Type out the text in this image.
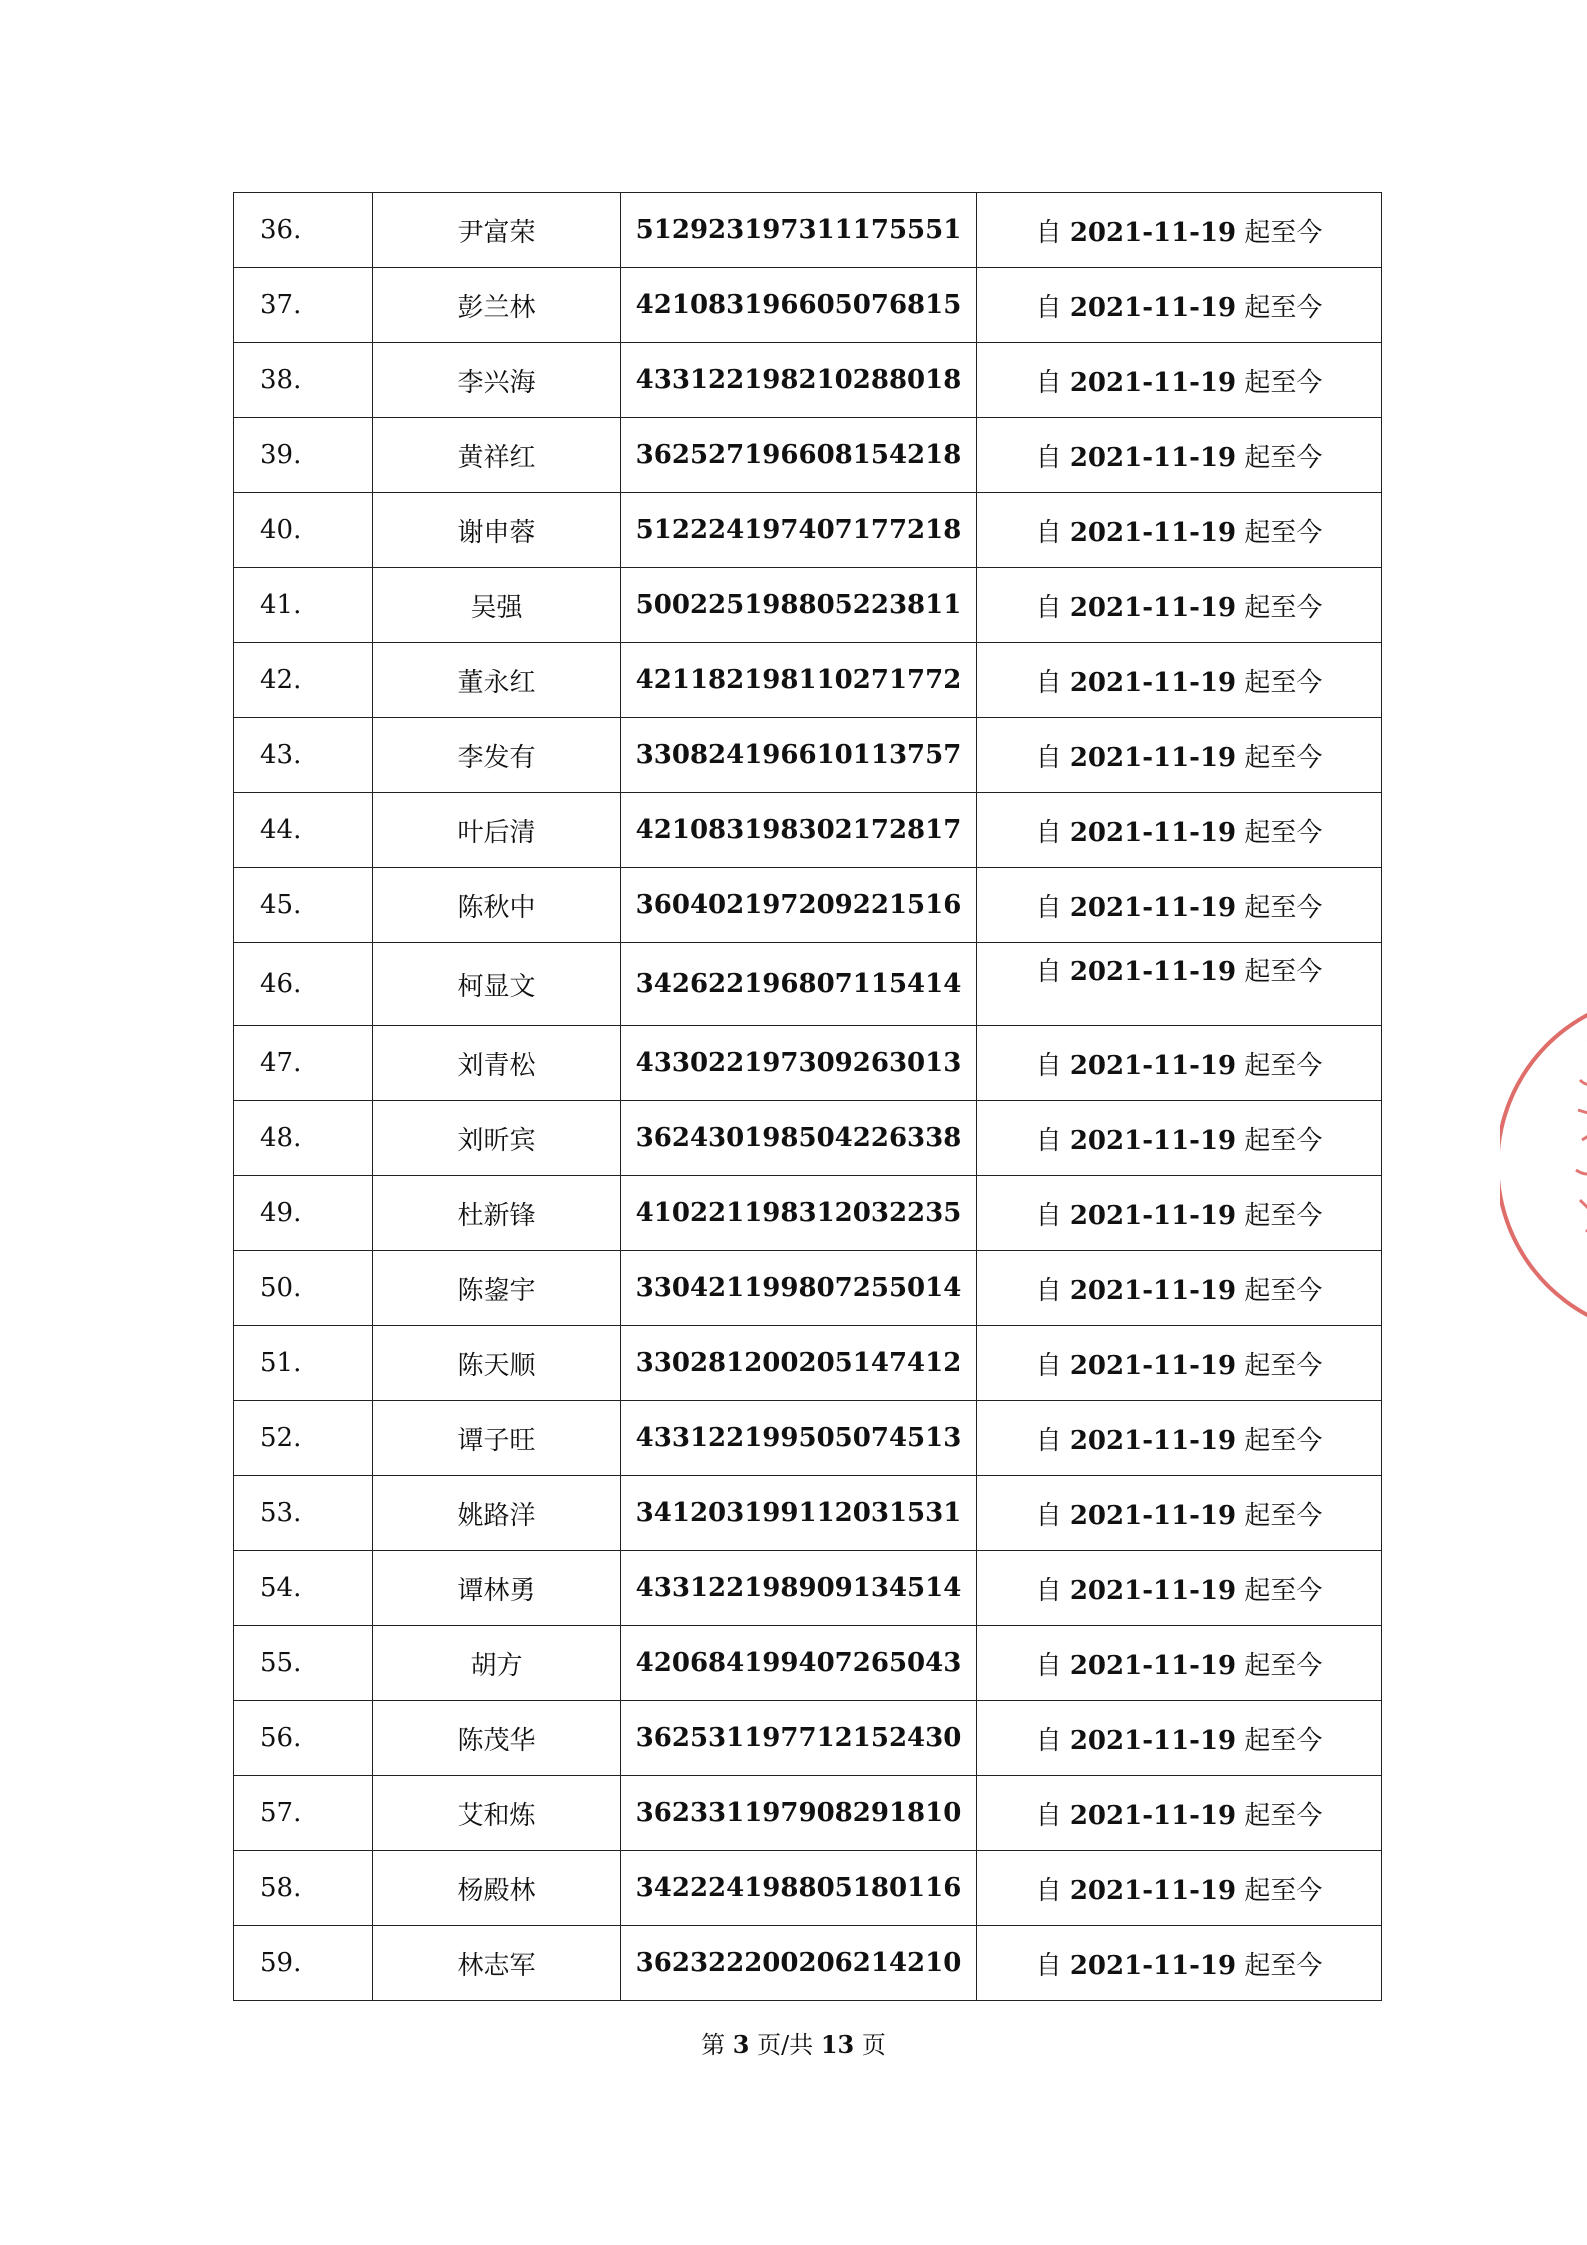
36.	尹富荣	512923197311175551	自 2021-11-19 起至今
37.	彭兰林	421083196605076815	自 2021-11-19 起至今
38.	李兴海	433122198210288018	自 2021-11-19 起至今
39.	黄祥红	362527196608154218	自 2021-11-19 起至今
40.	谢申蓉	512224197407177218	自 2021-11-19 起至今
41.	吴强	500225198805223811	自 2021-11-19 起至今
42.	董永红	421182198110271772	自 2021-11-19 起至今
43.	李发有	330824196610113757	自 2021-11-19 起至今
44.	叶后清	421083198302172817	自 2021-11-19 起至今
45.	陈秋中	360402197209221516	自 2021-11-19 起至今
46.	柯显文	342622196807115414	自 2021-11-19 起至今
47.	刘青松	433022197309263013	自 2021-11-19 起至今
48.	刘昕宾	362430198504226338	自 2021-11-19 起至今
49.	杜新锋	410221198312032235	自 2021-11-19 起至今
50.	陈鋆宇	330421199807255014	自 2021-11-19 起至今
51.	陈天顺	330281200205147412	自 2021-11-19 起至今
52.	谭子旺	433122199505074513	自 2021-11-19 起至今
53.	姚路洋	341203199112031531	自 2021-11-19 起至今
54.	谭林勇	433122198909134514	自 2021-11-19 起至今
55.	胡方	420684199407265043	自 2021-11-19 起至今
56.	陈茂华	362531197712152430	自 2021-11-19 起至今
57.	艾和炼	362331197908291810	自 2021-11-19 起至今
58.	杨殿林	342224198805180116	自 2021-11-19 起至今
59.	林志军	362322200206214210	自 2021-11-19 起至今
第 3 页/共 13 页
